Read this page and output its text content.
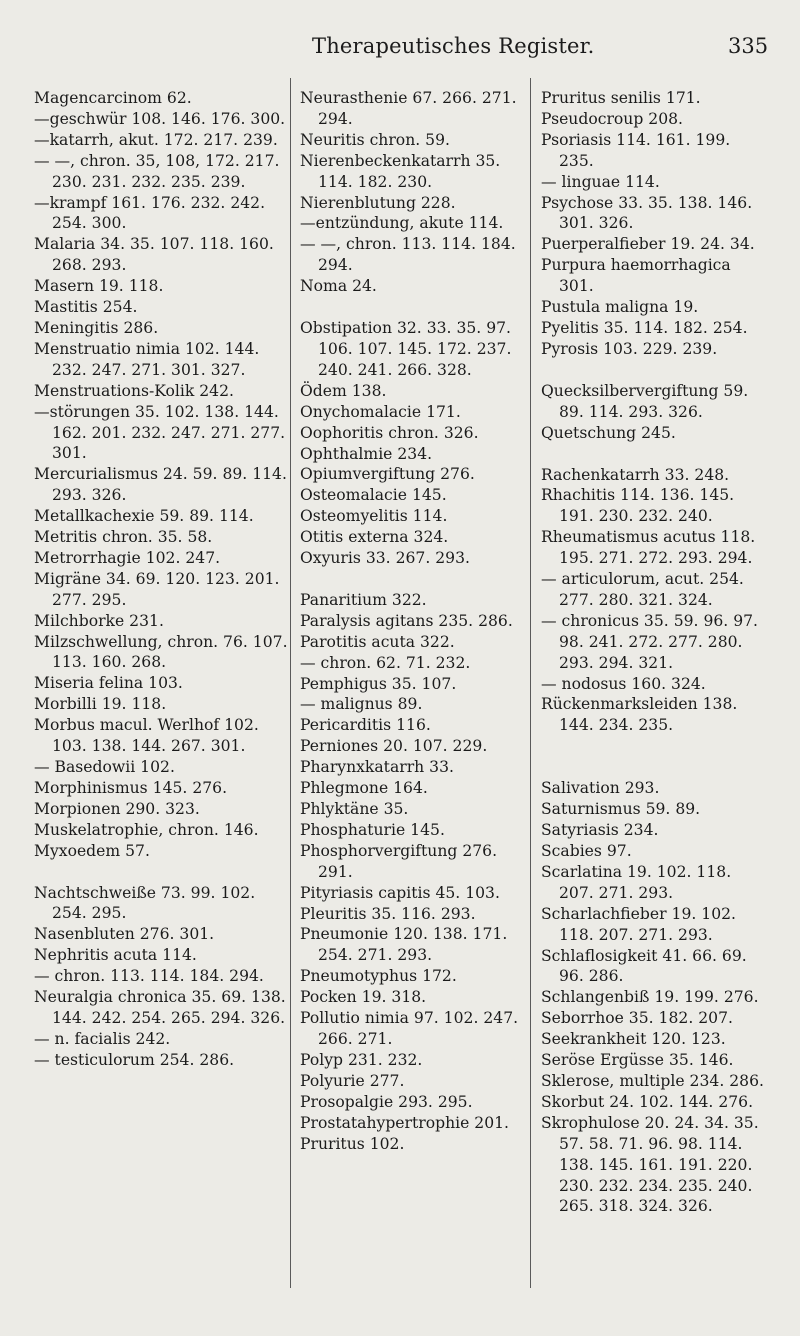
Therapeutisches Register.	335
Magencarcinom 62.
—geschwür 108. 146. 176. 300.
—katarrh, akut. 172. 217. 239.
— —, chron. 35, 108, 172. 217. 230. 231. 232. 235. 239.
—krampf 161. 176. 232. 242. 254. 300.
Malaria 34. 35. 107. 118. 160. 268. 293.
Masern 19. 118.
Mastitis 254.
Meningitis 286.
Menstruatio nimia 102. 144. 232. 247. 271. 301. 327.
Menstruations-Kolik 242.
—störungen 35. 102. 138. 144. 162. 201. 232. 247. 271. 277. 301.
Mercurialismus 24. 59. 89. 114. 293. 326.
Metallkachexie 59. 89. 114.
Metritis chron. 35. 58.
Metrorrhagie 102. 247.
Migräne 34. 69. 120. 123. 201. 277. 295.
Milchborke 231.
Milzschwellung, chron. 76. 107. 113. 160. 268.
Miseria felina 103.
Morbilli 19. 118.
Morbus macul. Werlhof 102. 103. 138. 144. 267. 301.
— Basedowii 102.
Morphinismus 145. 276.
Morpionen 290. 323.
Muskelatrophie, chron. 146.
Myxoedem 57.
Nachtschweiße 73. 99. 102. 254. 295.
Nasenbluten 276. 301.
Nephritis acuta 114.
— chron. 113. 114. 184. 294.
Neuralgia chronica 35. 69. 138. 144. 242. 254. 265. 294. 326.
— n. facialis 242.
— testiculorum 254. 286.
Neurasthenie 67. 266. 271. 294.
Neuritis chron. 59.
Nierenbeckenkatarrh 35. 114. 182. 230.
Nierenblutung 228.
—entzündung, akute 114.
— —, chron. 113. 114. 184. 294.
Noma 24.
Obstipation 32. 33. 35. 97. 106. 107. 145. 172. 237. 240. 241. 266. 328.
Ödem 138.
Onychomalacie 171.
Oophoritis chron. 326.
Ophthalmie 234.
Opiumvergiftung 276.
Osteomalacie 145.
Osteomyelitis 114.
Otitis externa 324.
Oxyuris 33. 267. 293.
Panaritium 322.
Paralysis agitans 235. 286.
Parotitis acuta 322.
— chron. 62. 71. 232.
Pemphigus 35. 107.
— malignus 89.
Pericarditis 116.
Perniones 20. 107. 229.
Pharynxkatarrh 33.
Phlegmone 164.
Phlyktäne 35.
Phosphaturie 145.
Phosphorvergiftung 276. 291.
Pityriasis capitis 45. 103.
Pleuritis 35. 116. 293.
Pneumonie 120. 138. 171. 254. 271. 293.
Pneumotyphus 172.
Pocken 19. 318.
Pollutio nimia 97. 102. 247. 266. 271.
Polyp 231. 232.
Polyurie 277.
Prosopalgie 293. 295.
Prostatahypertrophie 201.
Pruritus 102.
Pruritus senilis 171.
Pseudocroup 208.
Psoriasis 114. 161. 199. 235.
— linguae 114.
Psychose 33. 35. 138. 146. 301. 326.
Puerperalfieber 19. 24. 34.
Purpura haemorrhagica 301.
Pustula maligna 19.
Pyelitis 35. 114. 182. 254.
Pyrosis 103. 229. 239.
Quecksilbervergiftung 59. 89. 114. 293. 326.
Quetschung 245.
Rachenkatarrh 33. 248.
Rhachitis 114. 136. 145. 191. 230. 232. 240.
Rheumatismus acutus 118. 195. 271. 272. 293. 294.
— articulorum, acut. 254. 277. 280. 321. 324.
— chronicus 35. 59. 96. 97. 98. 241. 272. 277. 280. 293. 294. 321.
— nodosus 160. 324.
Rückenmarksleiden 138. 144. 234. 235.
Salivation 293.
Saturnismus 59. 89.
Satyriasis 234.
Scabies 97.
Scarlatina 19. 102. 118. 207. 271. 293.
Scharlachfieber 19. 102. 118. 207. 271. 293.
Schlaflosigkeit 41. 66. 69. 96. 286.
Schlangenbiß 19. 199. 276.
Seborrhoe 35. 182. 207.
Seekrankheit 120. 123.
Seröse Ergüsse 35. 146.
Sklerose, multiple 234. 286.
Skorbut 24. 102. 144. 276.
Skrophulose 20. 24. 34. 35. 57. 58. 71. 96. 98. 114. 138. 145. 161. 191. 220. 230. 232. 234. 235. 240. 265. 318. 324. 326.
